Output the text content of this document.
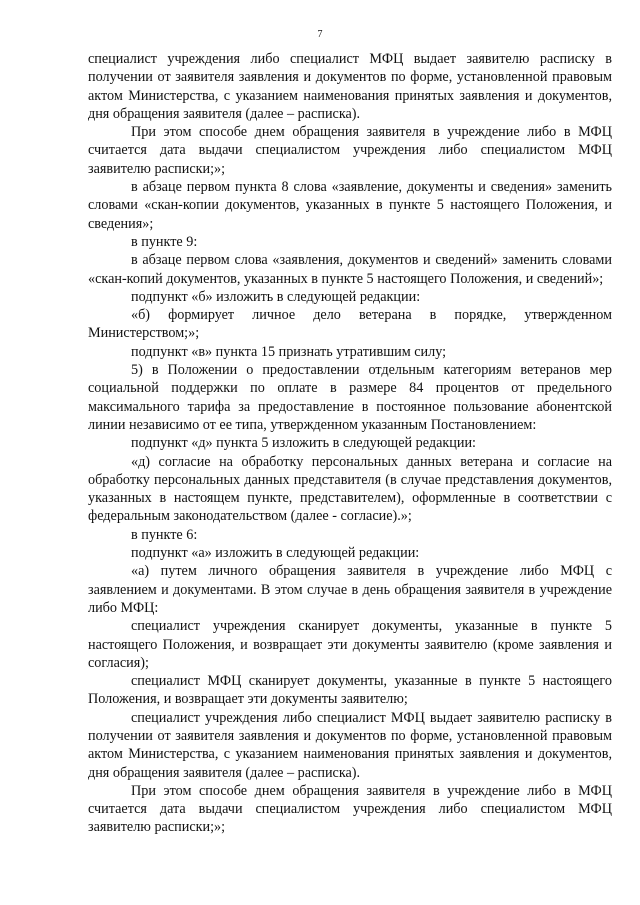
7

специалист учреждения либо специалист МФЦ выдает заявителю расписку в получении от заявителя заявления и документов по форме, установленной правовым актом Министерства, с указанием наименования принятых заявления и документов, дня обращения заявителя (далее – расписка).

При этом способе днем обращения заявителя в учреждение либо в МФЦ считается дата выдачи специалистом учреждения либо специалистом МФЦ заявителю расписки;»;

в абзаце первом пункта 8 слова «заявление, документы и сведения» заменить словами «скан-копии документов, указанных в пункте 5 настоящего Положения, и сведения»;

в пункте 9:

в абзаце первом слова «заявления, документов и сведений» заменить словами «скан-копий документов, указанных в пункте 5 настоящего Положения, и сведений»;

подпункт «б» изложить в следующей редакции:

«б) формирует личное дело ветерана в порядке, утвержденном Министерством;»;

подпункт «в» пункта 15 признать утратившим силу;

5) в Положении о предоставлении отдельным категориям ветеранов мер социальной поддержки по оплате в размере 84 процентов от предельного максимального тарифа за предоставление в постоянное пользование абонентской линии независимо от ее типа, утвержденном указанным Постановлением:

подпункт «д» пункта 5 изложить в следующей редакции:

«д) согласие на обработку персональных данных ветерана и согласие на обработку персональных данных представителя (в случае представления документов, указанных в настоящем пункте, представителем), оформленные в соответствии с федеральным законодательством (далее - согласие).»;

в пункте 6:

подпункт «а» изложить в следующей редакции:

«а) путем личного обращения заявителя в учреждение либо МФЦ с заявлением и документами. В этом случае в день обращения заявителя в учреждение либо МФЦ:

специалист учреждения сканирует документы, указанные в пункте 5 настоящего Положения, и возвращает эти документы заявителю (кроме заявления и согласия);

специалист МФЦ сканирует документы, указанные в пункте 5 настоящего Положения, и возвращает эти документы заявителю;

специалист учреждения либо специалист МФЦ выдает заявителю расписку в получении от заявителя заявления и документов по форме, установленной правовым актом Министерства, с указанием наименования принятых заявления и документов, дня обращения заявителя (далее – расписка).

При этом способе днем обращения заявителя в учреждение либо в МФЦ считается дата выдачи специалистом учреждения либо специалистом МФЦ заявителю расписки;»;
